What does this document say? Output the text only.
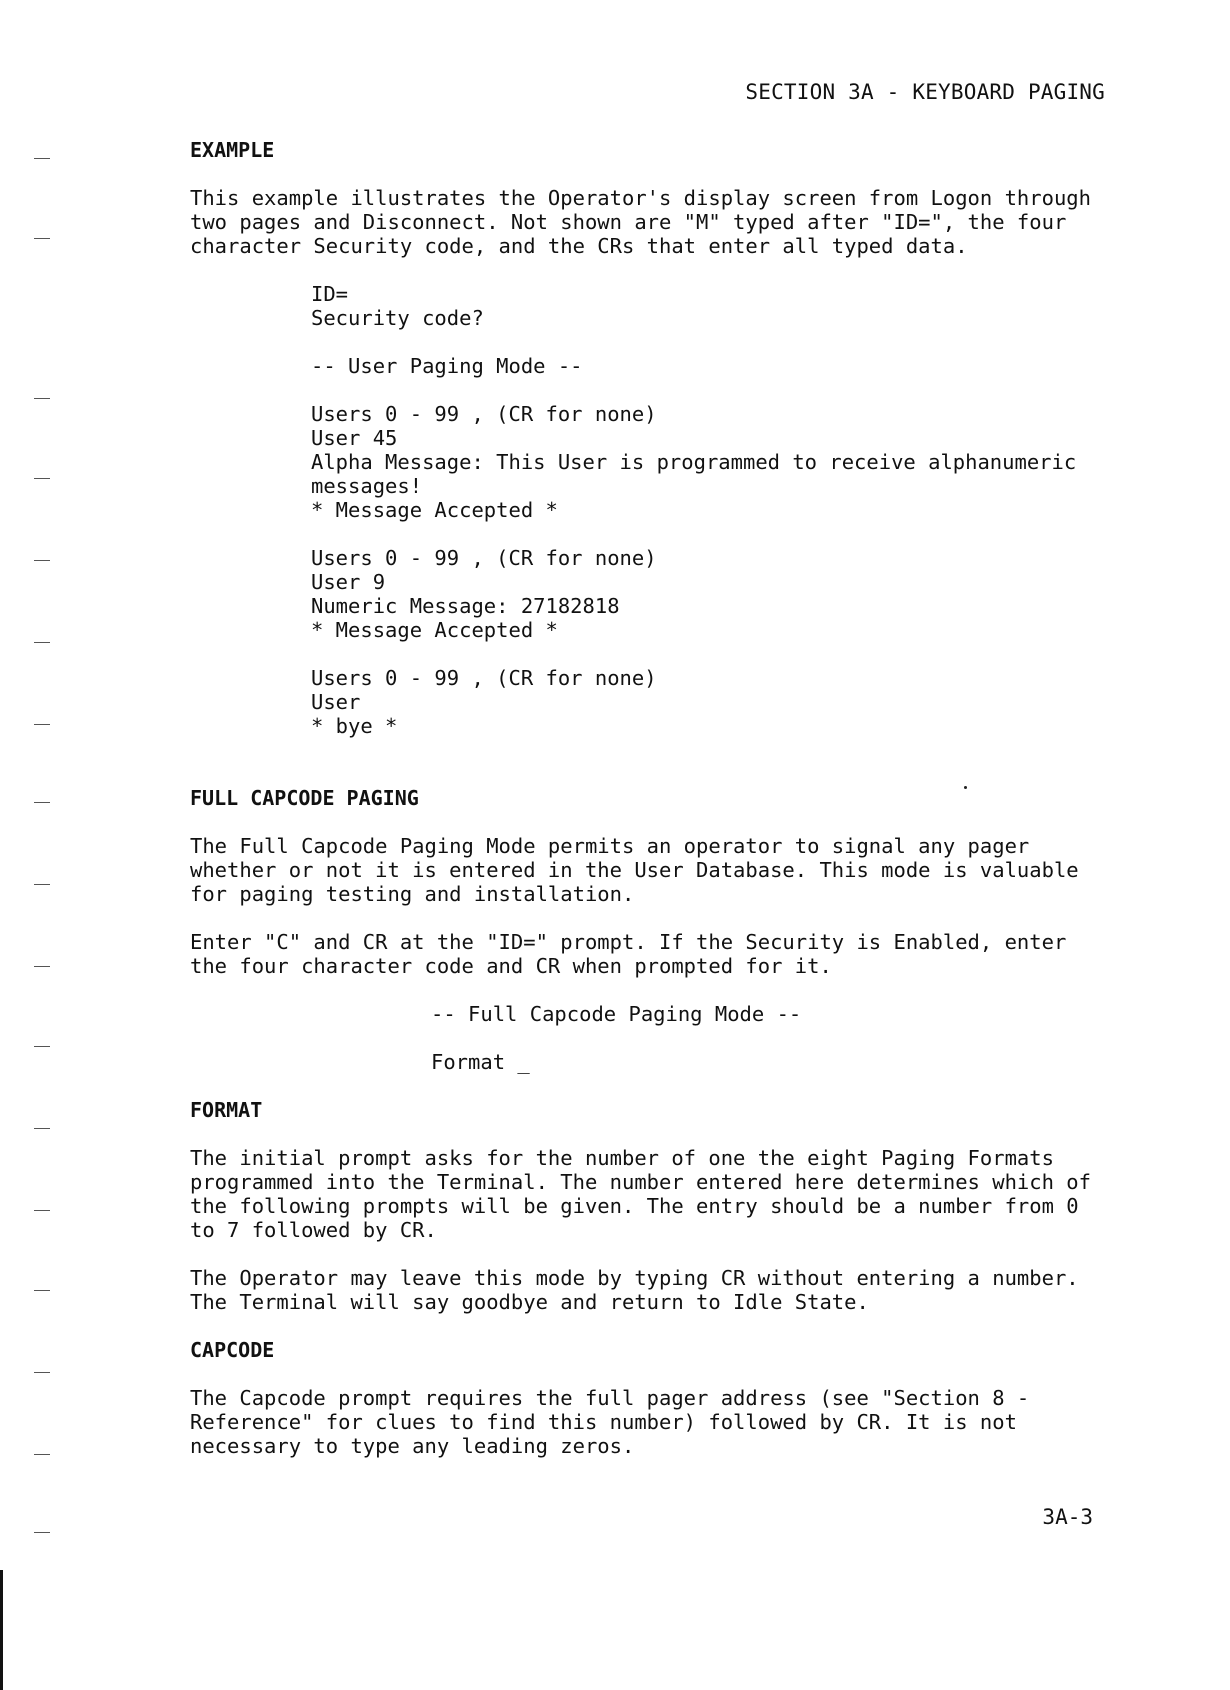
SECTION 3A - KEYBOARD PAGING
EXAMPLE
This example illustrates the Operator's display screen from Logon through two pages and Disconnect. Not shown are "M" typed after "ID=", the four character Security code, and the CRs that enter all typed data.
ID=
Security code?
-- User Paging Mode --
Users 0 - 99 , (CR for none)
User 45
Alpha Message: This User is programmed to receive alphanumeric
messages!
* Message Accepted *
Users 0 - 99 , (CR for none)
User 9
Numeric Message: 27182818
* Message Accepted *
Users 0 - 99 , (CR for none)
User
* bye *
FULL CAPCODE PAGING
The Full Capcode Paging Mode permits an operator to signal any pager whether or not it is entered in the User Database. This mode is valuable for paging testing and installation.
Enter "C" and CR at the "ID=" prompt. If the Security is Enabled, enter the four character code and CR when prompted for it.
-- Full Capcode Paging Mode --
Format _
FORMAT
The initial prompt asks for the number of one the eight Paging Formats programmed into the Terminal. The number entered here determines which of the following prompts will be given. The entry should be a number from 0 to 7 followed by CR.
The Operator may leave this mode by typing CR without entering a number. The Terminal will say goodbye and return to Idle State.
CAPCODE
The Capcode prompt requires the full pager address (see "Section 8 - Reference" for clues to find this number) followed by CR. It is not necessary to type any leading zeros.
3A-3
